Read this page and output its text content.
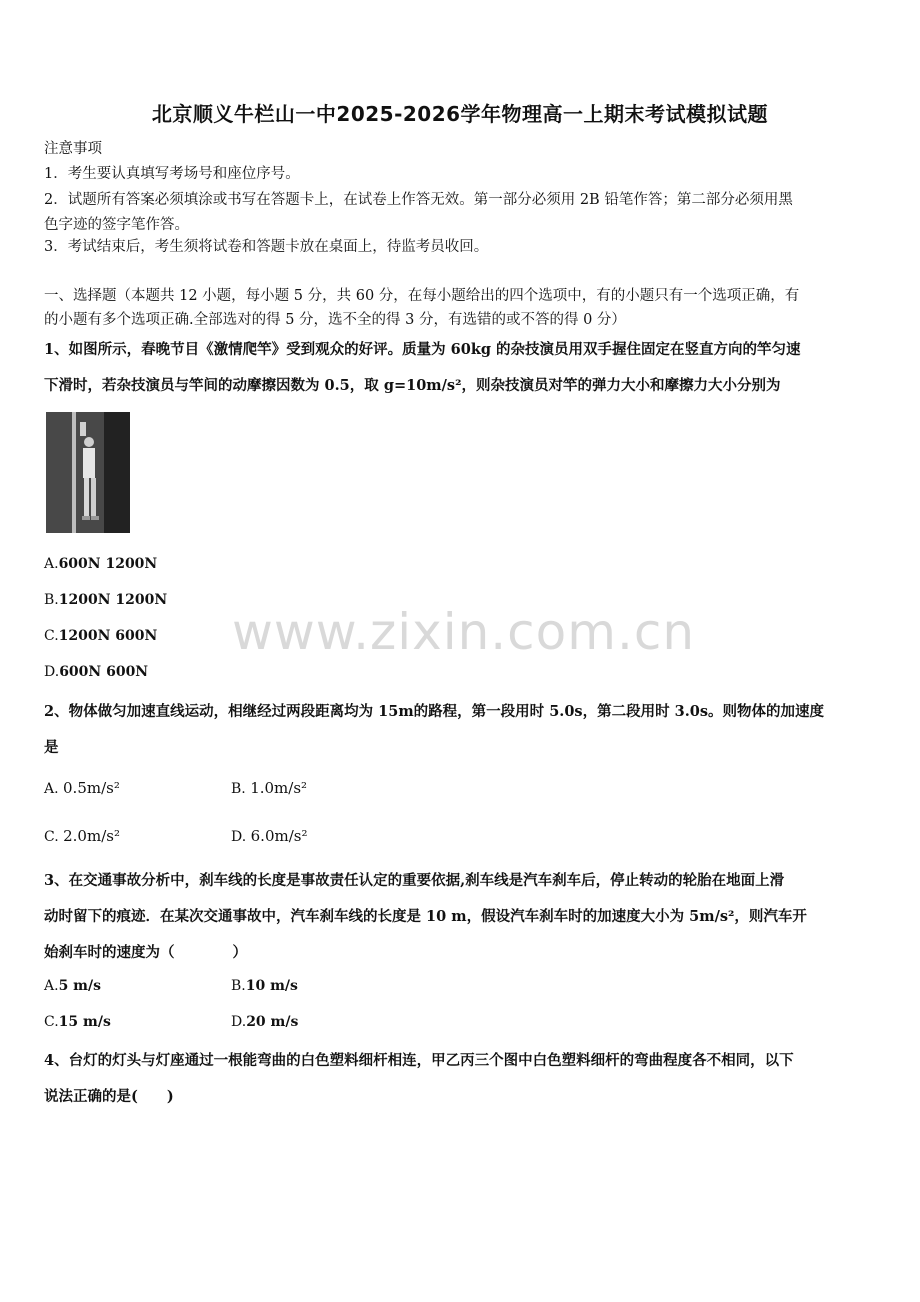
北京顺义牛栏山一中2025-2026学年物理高一上期末考试模拟试题
注意事项
1．考生要认真填写考场号和座位序号。
2．试题所有答案必须填涂或书写在答题卡上，在试卷上作答无效。第一部分必须用 2B 铅笔作答；第二部分必须用黑
色字迹的签字笔作答。
3．考试结束后，考生须将试卷和答题卡放在桌面上，待监考员收回。
一、选择题（本题共 12 小题，每小题 5 分，共 60 分，在每小题给出的四个选项中，有的小题只有一个选项正确，有
的小题有多个选项正确.全部选对的得 5 分，选不全的得 3 分，有选错的或不答的得 0 分）
1、如图所示，春晚节目《激情爬竿》受到观众的好评。质量为 60kg 的杂技演员用双手握住固定在竖直方向的竿匀速
下滑时，若杂技演员与竿间的动摩擦因数为 0.5，取 g=10m/s²，则杂技演员对竿的弹力大小和摩擦力大小分别为
A.600N 1200N
B.1200N 1200N
C.1200N 600N
D.600N 600N
www.zixin.com.cn
2、物体做匀加速直线运动，相继经过两段距离均为 15m的路程，第一段用时 5.0s，第二段用时 3.0s。则物体的加速度
是
A. 0.5m/s²	B. 1.0m/s²
C. 2.0m/s²	D. 6.0m/s²
3、在交通事故分析中，刹车线的长度是事故责任认定的重要依据,刹车线是汽车刹车后，停止转动的轮胎在地面上滑
动时留下的痕迹．在某次交通事故中，汽车刹车线的长度是 10 m，假设汽车刹车时的加速度大小为 5m/s²，则汽车开
始刹车时的速度为（　　　　）
A.5 m/s	B.10 m/s
C.15 m/s	D.20 m/s
4、台灯的灯头与灯座通过一根能弯曲的白色塑料细杆相连，甲乙丙三个图中白色塑料细杆的弯曲程度各不相同，以下
说法正确的是(　　)
